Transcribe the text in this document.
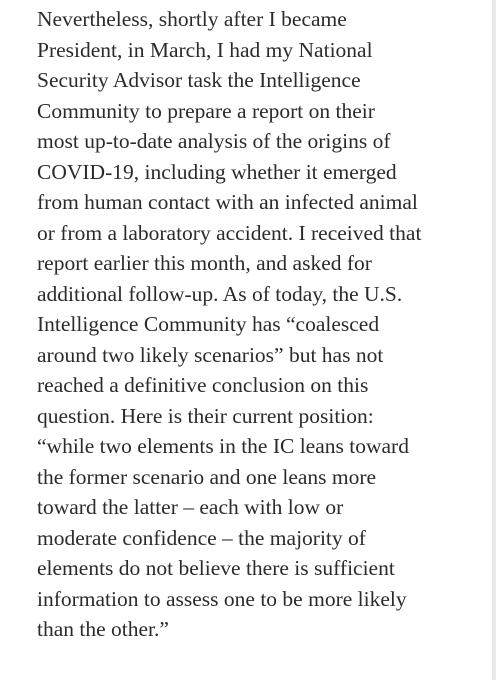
Nevertheless, shortly after I became
President, in March, I had my National
Security Advisor task the Intelligence
Community to prepare a report on their
most up-to-date analysis of the origins of
COVID-19, including whether it emerged
from human contact with an infected animal
or from a laboratory accident. I received that
report earlier this month, and asked for
additional follow-up. As of today, the U.S.
Intelligence Community has “coalesced
around two likely scenarios” but has not
reached a definitive conclusion on this
question. Here is their current position:
“while two elements in the IC leans toward
the former scenario and one leans more
toward the latter – each with low or
moderate confidence – the majority of
elements do not believe there is sufficient
information to assess one to be more likely
than the other.”
